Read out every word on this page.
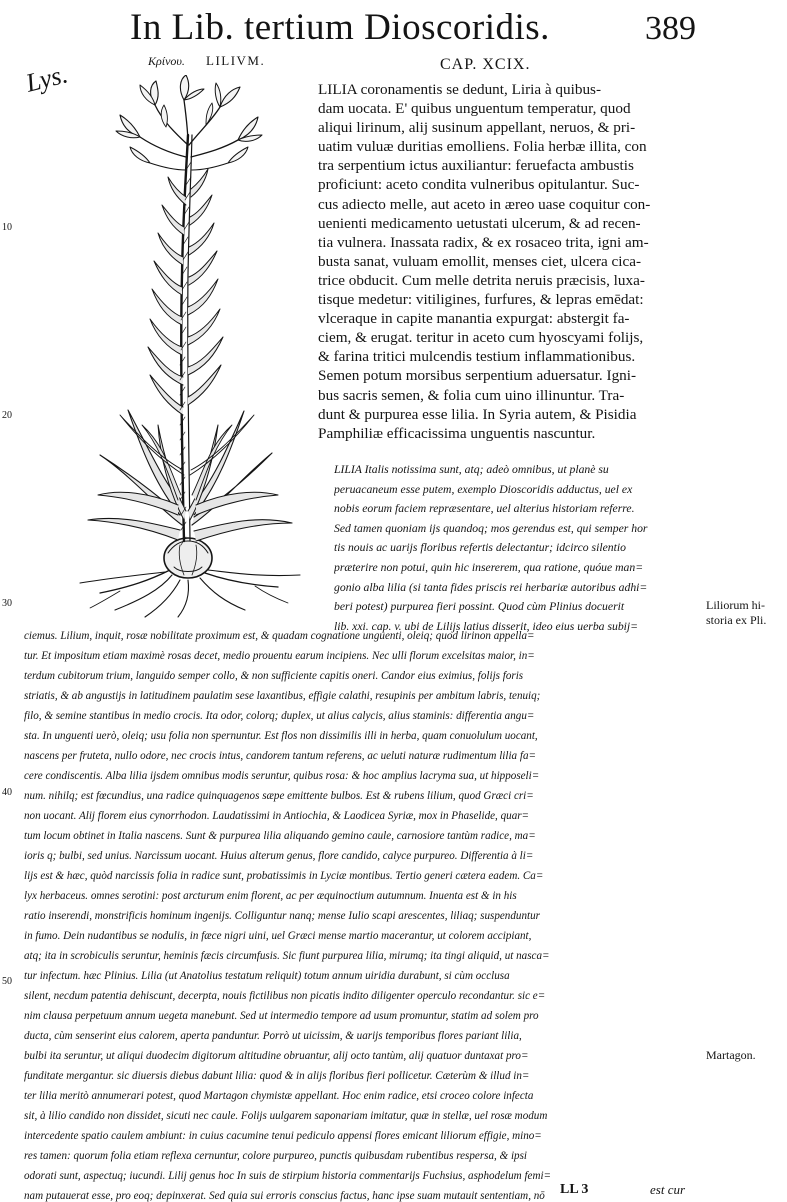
In Lib. tertium Dioscoridis.	389
Lys.	Κρίνου. LILIVM.	CAP. XCIX.
10
20
30
40
50
LILIA coronamentis se dedunt, Liria à quibus-
dam uocata. E' quibus unguentum temperatur, quod
aliqui lirinum, alij susinum appellant, neruos, & pri-
uatim vuluæ duritias emolliens. Folia herbæ illita, con
tra serpentium ictus auxiliantur: feruefacta ambustis
proficiunt: aceto condita vulneribus opitulantur. Suc-
cus adiecto melle, aut aceto in æreo uase coquitur con-
uenienti medicamento uetustati ulcerum, & ad recen-
tia vulnera. Inassata radix, & ex rosaceo trita, igni am-
busta sanat, vuluam emollit, menses ciet, ulcera cica-
trice obducit. Cum melle detrita neruis præcisis, luxa-
tisque medetur: vitiligines, furfures, & lepras emēdat:
vlceraque in capite manantia expurgat: abstergit fa-
ciem, & erugat. teritur in aceto cum hyoscyami folijs,
& farina tritici mulcendis testium inflammationibus.
Semen potum morsibus serpentium aduersatur. Igni-
bus sacris semen, & folia cum uino illinuntur. Tra-
dunt & purpurea esse lilia. In Syria autem, & Pisidia
Pamphiliæ efficacissima unguentis nascuntur.
LILIA Italis notissima sunt, atq; adeò omnibus, ut planè su
peruacaneum esse putem, exemplo Dioscoridis adductus, uel ex
nobis eorum faciem repræsentare, uel alterius historiam referre.
Sed tamen quoniam ijs quandoq; mos gerendus est, qui semper hor
tis nouis ac uarijs floribus refertis delectantur; idcirco silentio
præterire non potui, quin hic insererem, qua ratione, quóue man=
gonio alba lilia (si tanta fides priscis rei herbariæ autoribus adhi=
beri potest) purpurea fieri possint. Quod cùm Plinius docuerit
lib. xxi. cap. v. ubi de Lilijs latius disserit, ideo eius uerba subij=
ciemus. Lilium, inquit, rosæ nobilitate proximum est, & quadam cognatione unguenti, oleiq; quod lirinon appella=
tur. Et impositum etiam maximè rosas decet, medio prouentu earum incipiens. Nec ulli florum excelsitas maior, in=
terdum cubitorum trium, languido semper collo, & non sufficiente capitis oneri. Candor eius eximius, folijs foris
striatis, & ab angustijs in latitudinem paulatim sese laxantibus, effigie calathi, resupinis per ambitum labris, tenuiq;
filo, & semine stantibus in medio crocis. Ita odor, colorq; duplex, ut alius calycis, alius staminis: differentia angu=
sta. In unguenti uerò, oleiq; usu folia non spernuntur. Est flos non dissimilis illi in herba, quam conuolulum uocant,
nascens per fruteta, nullo odore, nec crocis intus, candorem tantum referens, ac ueluti naturæ rudimentum lilia fa=
cere condiscentis. Alba lilia ijsdem omnibus modis seruntur, quibus rosa: & hoc amplius lacryma sua, ut hipposeli=
num. nihilq; est fœcundius, una radice quinquagenos sæpe emittente bulbos. Est & rubens lilium, quod Græci cri=
non uocant. Alij florem eius cynorrhodon. Laudatissimi in Antiochia, & Laodicea Syriæ, mox in Phaselide, quar=
tum locum obtinet in Italia nascens. Sunt & purpurea lilia aliquando gemino caule, carnosiore tantùm radice, ma=
ioris q; bulbi, sed unius. Narcissum uocant. Huius alterum genus, flore candido, calyce purpureo. Differentia à li=
lijs est & hæc, quòd narcissis folia in radice sunt, probatissimis in Lyciæ montibus. Tertio generi cætera eadem. Ca=
lyx herbaceus. omnes serotini: post arcturum enim florent, ac per æquinoctium autumnum. Inuenta est & in his
ratio inserendi, monstrificis hominum ingenijs. Colliguntur nanq; mense Iulio scapi arescentes, liliaq; suspenduntur
in fumo. Dein nudantibus se nodulis, in fæce nigri uini, uel Græci mense martio macerantur, ut colorem accipiant,
atq; ita in scrobiculis seruntur, heminis fæcis circumfusis. Sic fiunt purpurea lilia, mirumq; ita tingi aliquid, ut nasca=
tur infectum. hæc Plinius. Lilia (ut Anatolius testatum reliquit) totum annum uiridia durabunt, si cùm occlusa
silent, necdum patentia dehiscunt, decerpta, nouis fictilibus non picatis indito diligenter operculo recondantur. sic e=
nim clausa perpetuum annum uegeta manebunt. Sed ut intermedio tempore ad usum promuntur, statim ad solem pro
ducta, cùm senserint eius calorem, aperta panduntur. Porrò ut uicissim, & uarijs temporibus flores pariant lilia,
bulbi ita seruntur, ut aliqui duodecim digitorum altitudine obruantur, alij octo tantùm, alij quatuor duntaxat pro=
funditate mergantur. sic diuersis diebus dabunt lilia: quod & in alijs floribus fieri pollicetur. Cæterùm & illud in=
ter lilia meritò annumerari potest, quod Martagon chymistæ appellant. Hoc enim radice, etsi croceo colore infecta
sit, à lilio candido non dissidet, sicuti nec caule. Folijs uulgarem saponariam imitatur, quæ in stellæ, uel rosæ modum
intercedente spatio caulem ambiunt: in cuius cacumine tenui pediculo appensi flores emicant liliorum effigie, mino=
res tamen: quorum folia etiam reflexa cernuntur, colore purpureo, punctis quibusdam rubentibus respersa, & ipsi
odorati sunt, aspectuq; iucundi. Lilij genus hoc In suis de stirpium historia commentarijs Fuchsius, asphodelum femi=
nam putauerat esse, pro eoq; depinxerat. Sed quia sui erroris conscius factus, hanc ipse suam mutauit sententiam, nō
Liliorum hi-
storia ex Pli.
Martagon.
LL 3	est cur
